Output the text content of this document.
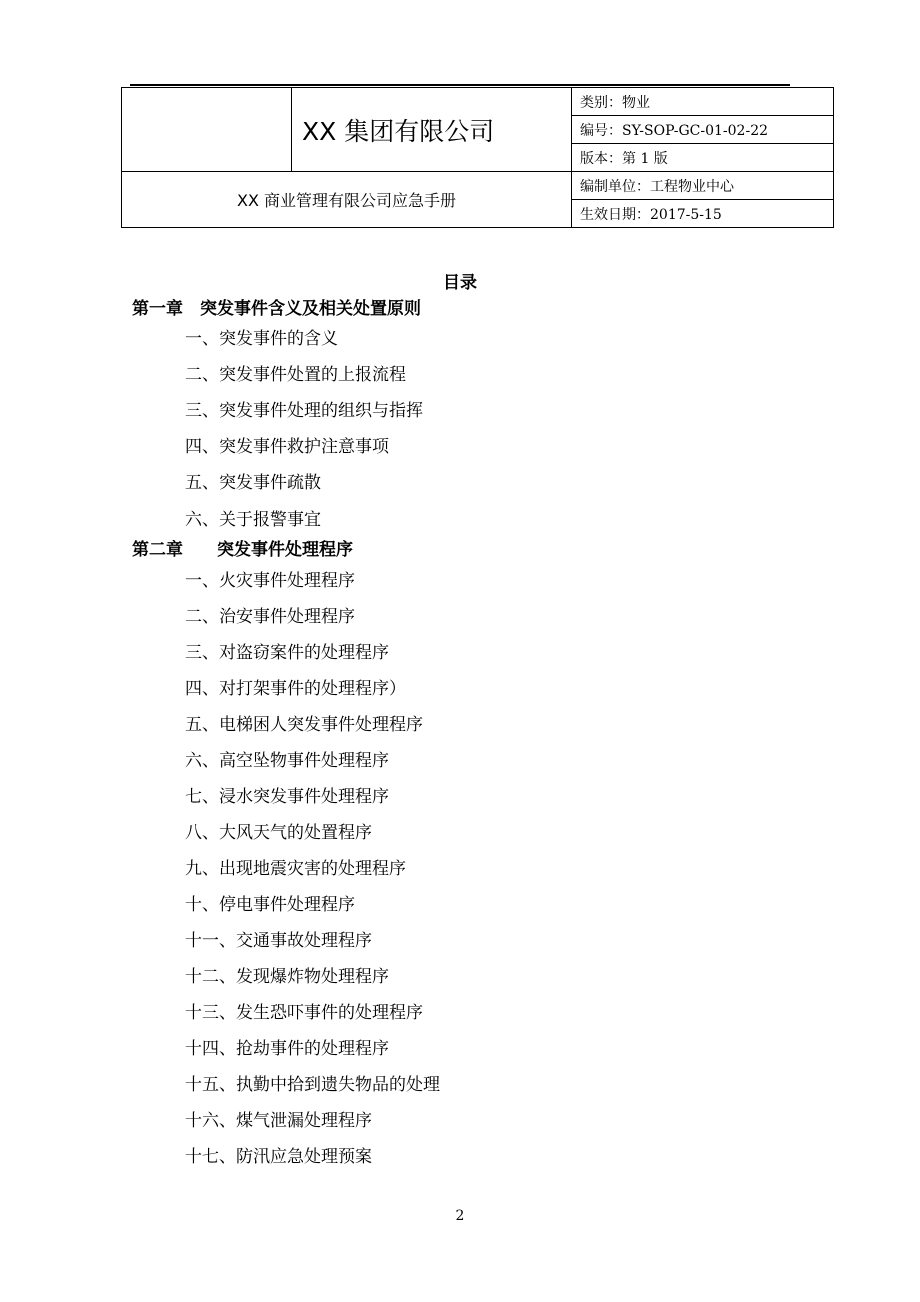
	XX 集团有限公司	类别：物业
		编号：SY-SOP-GC-01-02-22
		版本：第 1 版
XX 商业管理有限公司应急手册		编制单位：工程物业中心
		生效日期：2017-5-15
目录
第一章　突发事件含义及相关处置原则
一、突发事件的含义
二、突发事件处置的上报流程
三、突发事件处理的组织与指挥
四、突发事件救护注意事项
五、突发事件疏散
六、关于报警事宜
第二章　　突发事件处理程序
一、火灾事件处理程序
二、治安事件处理程序
三、对盗窃案件的处理程序
四、对打架事件的处理程序）
五、电梯困人突发事件处理程序
六、高空坠物事件处理程序
七、浸水突发事件处理程序
八、大风天气的处置程序
九、出现地震灾害的处理程序
十、停电事件处理程序
十一、交通事故处理程序
十二、发现爆炸物处理程序
十三、发生恐吓事件的处理程序
十四、抢劫事件的处理程序
十五、执勤中拾到遗失物品的处理
十六、煤气泄漏处理程序
十七、防汛应急处理预案
2
